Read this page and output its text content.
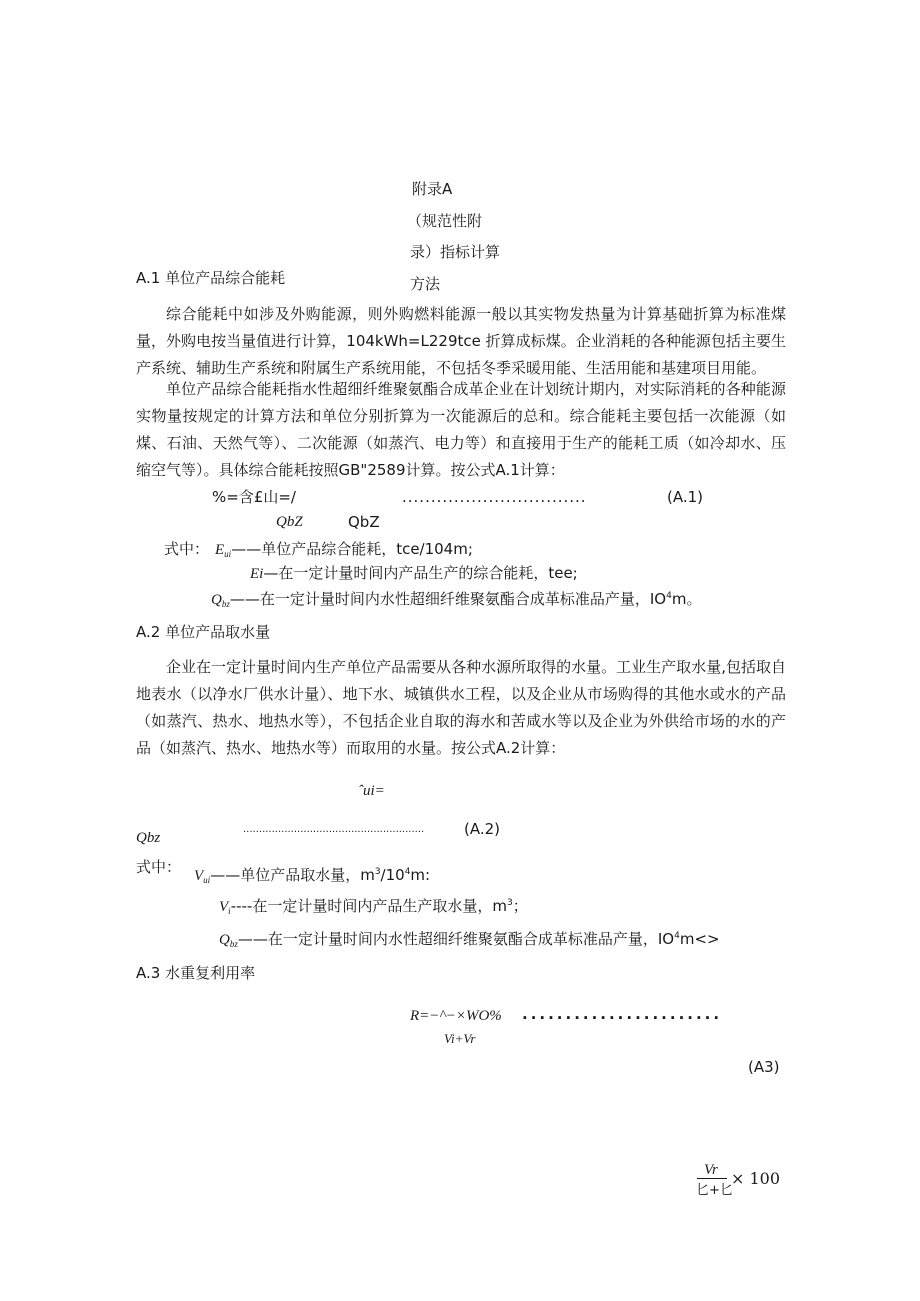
附录A
（规范性附
录）指标计算
方法
A.1 单位产品综合能耗
综合能耗中如涉及外购能源，则外购燃料能源一般以其实物发热量为计算基础折算为标准煤量，外购电按当量值进行计算，104kWh=L229tce 折算成标煤。企业消耗的各种能源包括主要生产系统、辅助生产系统和附属生产系统用能，不包括冬季采暖用能、生活用能和基建项目用能。
单位产品综合能耗指水性超细纤维聚氨酯合成革企业在计划统计期内，对实际消耗的各种能源实物量按规定的计算方法和单位分别折算为一次能源后的总和。综合能耗主要包括一次能源（如煤、石油、天然气等）、二次能源（如蒸汽、电力等）和直接用于生产的能耗工质（如冷却水、压缩空气等）。具体综合能耗按照GB"2589计算。按公式A.1计算：
%=含£山=/	................................	(A.1)
QbZ	QbZ
式中： $E_{ui}——$单位产品综合能耗，tce∕104m;
Ei—在一定计量时间内产品生产的综合能耗，tee;
$Q_{bz}——$在一定计量时间内水性超细纤维聚氨酯合成革标准品产量，$IO^4m$。
A.2 单位产品取水量
企业在一定计量时间内生产单位产品需要从各种水源所取得的水量。工业生产取水量,包括取自地表水（以净水厂供水计量）、地下水、城镇供水工程，以及企业从市场购得的其他水或水的产品（如蒸汽、热水、地热水等），不包括企业自取的海水和苦咸水等以及企业为外供给市场的水的产品（如蒸汽、热水、地热水等）而取用的水量。按公式A.2计算：
ˆui=
Qbz
.........................................................	(A.2)
式中： $V_{ui}——$单位产品取水量，$m^3∕10^4m$:
$V_i----$在一定计量时间内产品生产取水量，$m^3$；
$Q_{bz}——$在一定计量时间内水性超细纤维聚氨酯合成革标准品产量，$IO^4m<>$
A.3 水重复利用率
R=−^−×WO% .......................
Vi+Vr
(A3)
Vr
匕+匕
× 100
